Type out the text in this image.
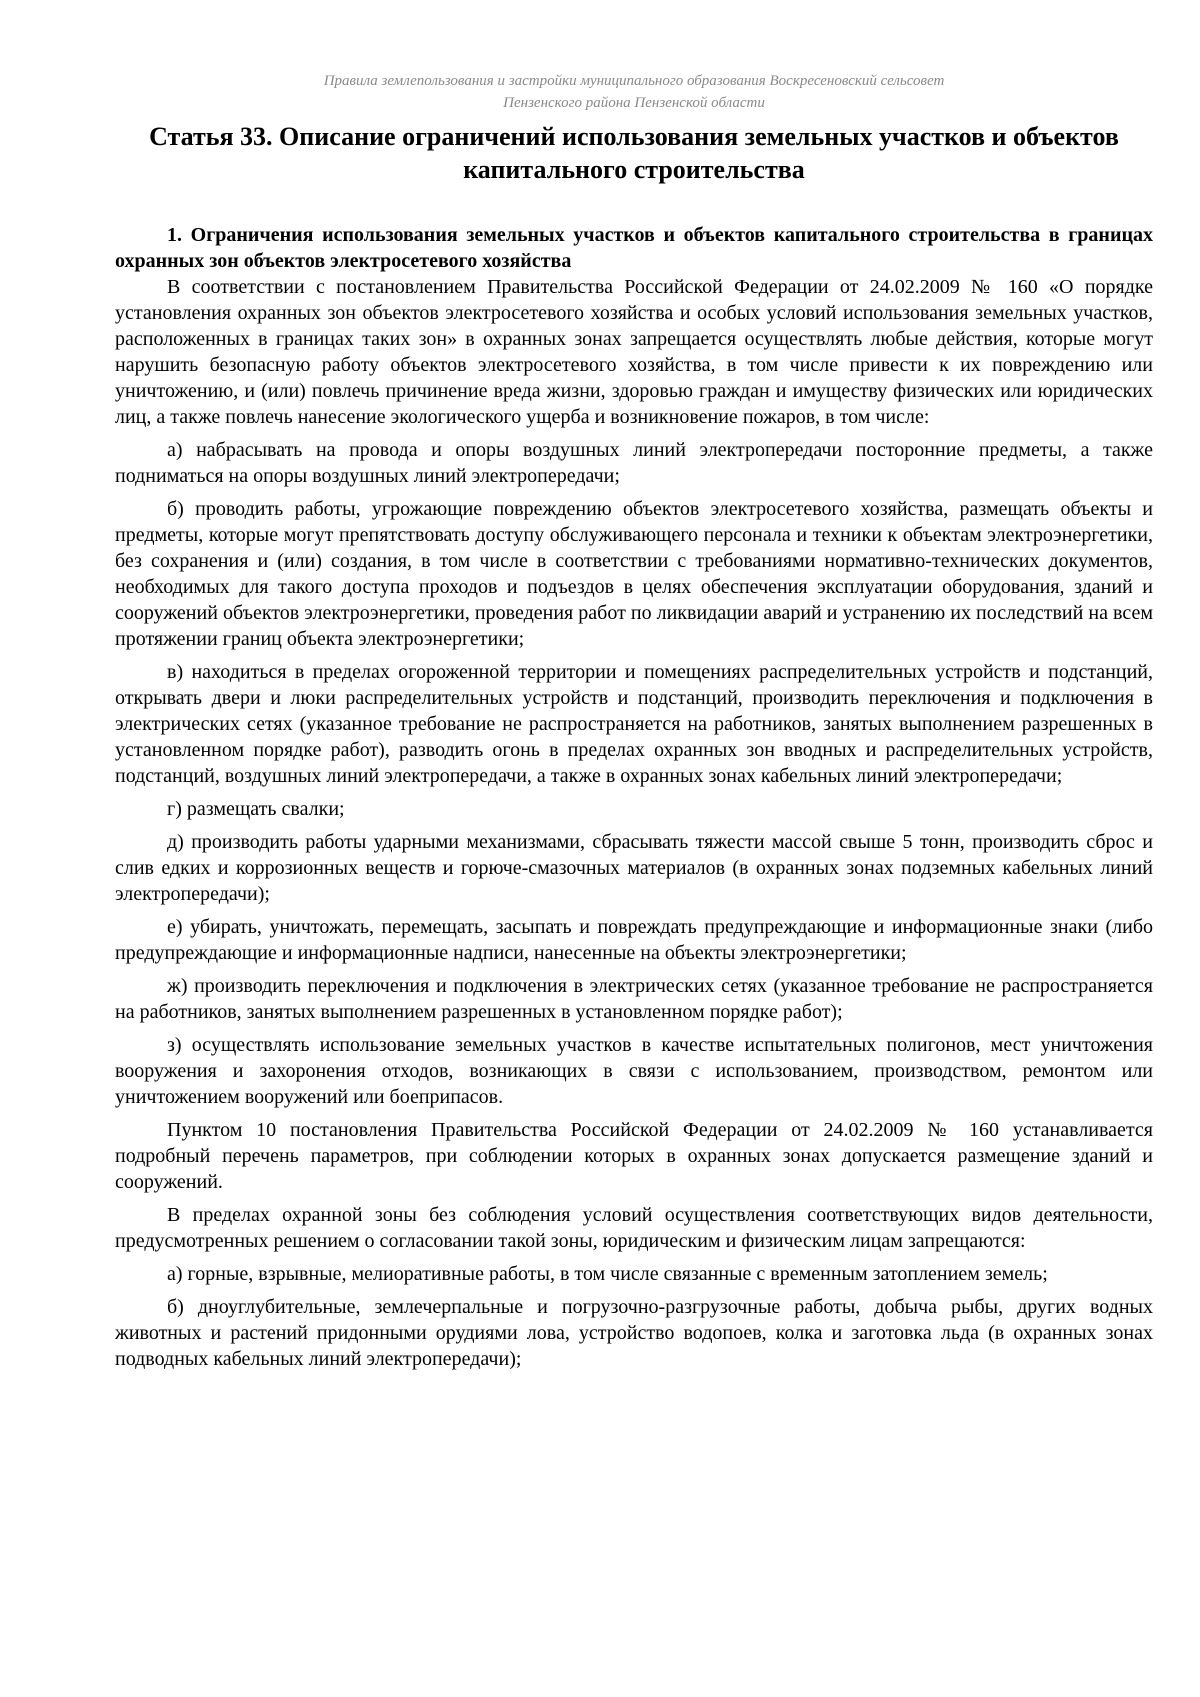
Правила землепользования и застройки муниципального образования Воскресеновский сельсовет
Пензенского района Пензенской области
Статья 33. Описание ограничений использования земельных участков и объектов капитального строительства
1. Ограничения использования земельных участков и объектов капитального строительства в границах охранных зон объектов электросетевого хозяйства

В соответствии с постановлением Правительства Российской Федерации от 24.02.2009 № 160 «О порядке установления охранных зон объектов электросетевого хозяйства и особых условий использования земельных участков, расположенных в границах таких зон» в охранных зонах запрещается осуществлять любые действия, которые могут нарушить безопасную работу объектов электросетевого хозяйства, в том числе привести к их повреждению или уничтожению, и (или) повлечь причинение вреда жизни, здоровью граждан и имуществу физических или юридических лиц, а также повлечь нанесение экологического ущерба и возникновение пожаров, в том числе:

а) набрасывать на провода и опоры воздушных линий электропередачи посторонние предметы, а также подниматься на опоры воздушных линий электропередачи;

б) проводить работы, угрожающие повреждению объектов электросетевого хозяйства, размещать объекты и предметы, которые могут препятствовать доступу обслуживающего персонала и техники к объектам электроэнергетики, без сохранения и (или) создания, в том числе в соответствии с требованиями нормативно-технических документов, необходимых для такого доступа проходов и подъездов в целях обеспечения эксплуатации оборудования, зданий и сооружений объектов электроэнергетики, проведения работ по ликвидации аварий и устранению их последствий на всем протяжении границ объекта электроэнергетики;

в) находиться в пределах огороженной территории и помещениях распределительных устройств и подстанций, открывать двери и люки распределительных устройств и подстанций, производить переключения и подключения в электрических сетях (указанное требование не распространяется на работников, занятых выполнением разрешенных в установленном порядке работ), разводить огонь в пределах охранных зон вводных и распределительных устройств, подстанций, воздушных линий электропередачи, а также в охранных зонах кабельных линий электропередачи;

г) размещать свалки;

д) производить работы ударными механизмами, сбрасывать тяжести массой свыше 5 тонн, производить сброс и слив едких и коррозионных веществ и горюче-смазочных материалов (в охранных зонах подземных кабельных линий электропередачи);

е) убирать, уничтожать, перемещать, засыпать и повреждать предупреждающие и информационные знаки (либо предупреждающие и информационные надписи, нанесенные на объекты электроэнергетики;

ж) производить переключения и подключения в электрических сетях (указанное требование не распространяется на работников, занятых выполнением разрешенных в установленном порядке работ);

з) осуществлять использование земельных участков в качестве испытательных полигонов, мест уничтожения вооружения и захоронения отходов, возникающих в связи с использованием, производством, ремонтом или уничтожением вооружений или боеприпасов.

Пунктом 10 постановления Правительства Российской Федерации от 24.02.2009 № 160 устанавливается подробный перечень параметров, при соблюдении которых в охранных зонах допускается размещение зданий и сооружений.

В пределах охранной зоны без соблюдения условий осуществления соответствующих видов деятельности, предусмотренных решением о согласовании такой зоны, юридическим и физическим лицам запрещаются:

а) горные, взрывные, мелиоративные работы, в том числе связанные с временным затоплением земель;

б) дноуглубительные, землечерпальные и погрузочно-разгрузочные работы, добыча рыбы, других водных животных и растений придонными орудиями лова, устройство водопоев, колка и заготовка льда (в охранных зонах подводных кабельных линий электропередачи);
